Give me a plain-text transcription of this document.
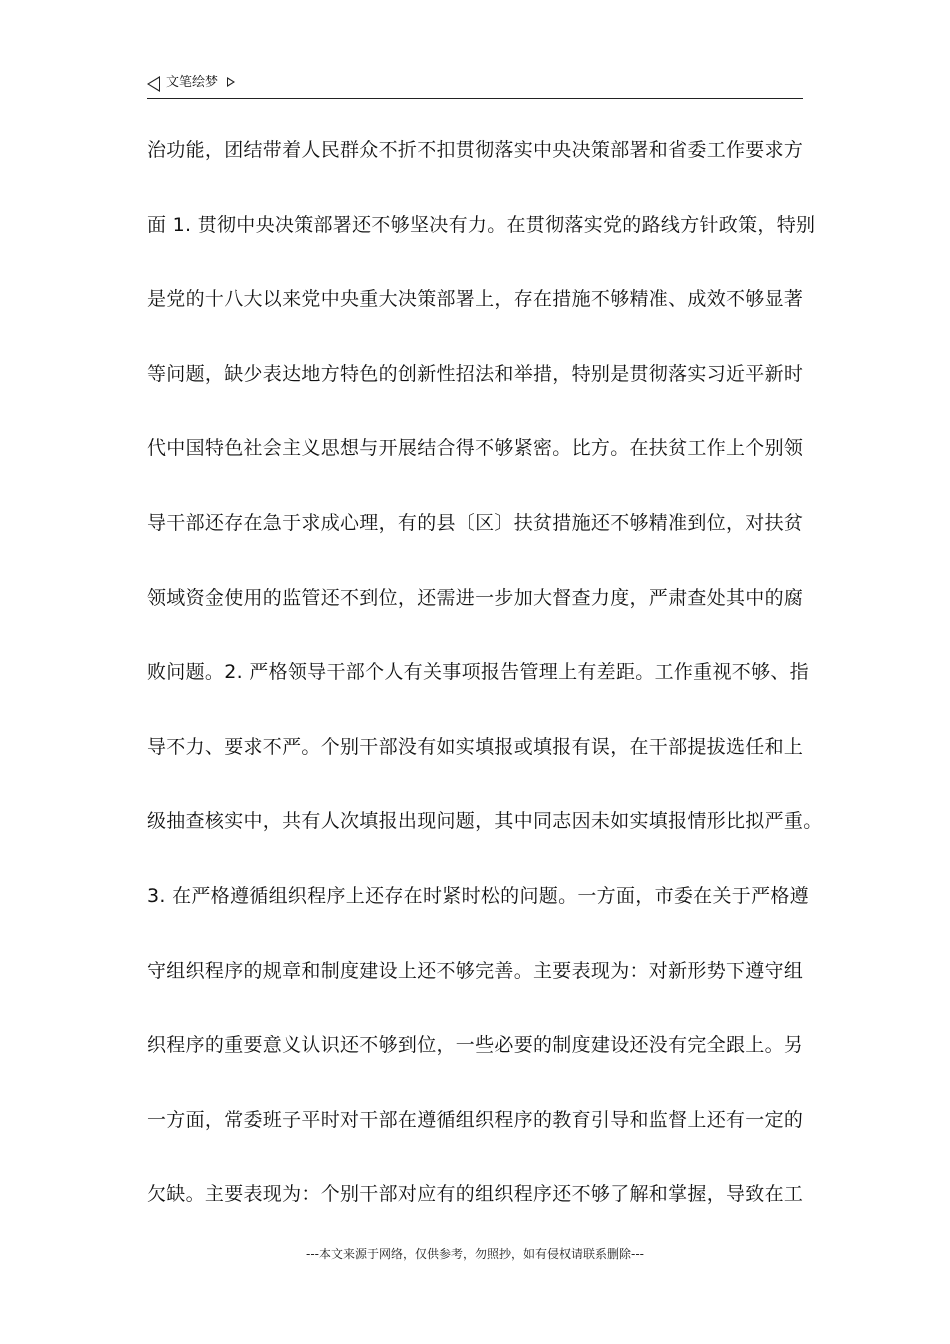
文笔绘梦
治功能，团结带着人民群众不折不扣贯彻落实中央决策部署和省委工作要求方
面 1. 贯彻中央决策部署还不够坚决有力。在贯彻落实党的路线方针政策，特别
是党的十八大以来党中央重大决策部署上，存在措施不够精准、成效不够显著
等问题，缺少表达地方特色的创新性招法和举措，特别是贯彻落实习近平新时
代中国特色社会主义思想与开展结合得不够紧密。比方。在扶贫工作上个别领
导干部还存在急于求成心理，有的县〔区〕扶贫措施还不够精准到位，对扶贫
领域资金使用的监管还不到位，还需进一步加大督查力度，严肃查处其中的腐
败问题。2. 严格领导干部个人有关事项报告管理上有差距。工作重视不够、指
导不力、要求不严。个别干部没有如实填报或填报有误，在干部提拔选任和上
级抽查核实中，共有人次填报出现问题，其中同志因未如实填报情形比拟严重。
3. 在严格遵循组织程序上还存在时紧时松的问题。一方面，市委在关于严格遵
守组织程序的规章和制度建设上还不够完善。主要表现为：对新形势下遵守组
织程序的重要意义认识还不够到位，一些必要的制度建设还没有完全跟上。另
一方面，常委班子平时对干部在遵循组织程序的教育引导和监督上还有一定的
欠缺。主要表现为：个别干部对应有的组织程序还不够了解和掌握，导致在工
---本文来源于网络，仅供参考，勿照抄，如有侵权请联系删除---
